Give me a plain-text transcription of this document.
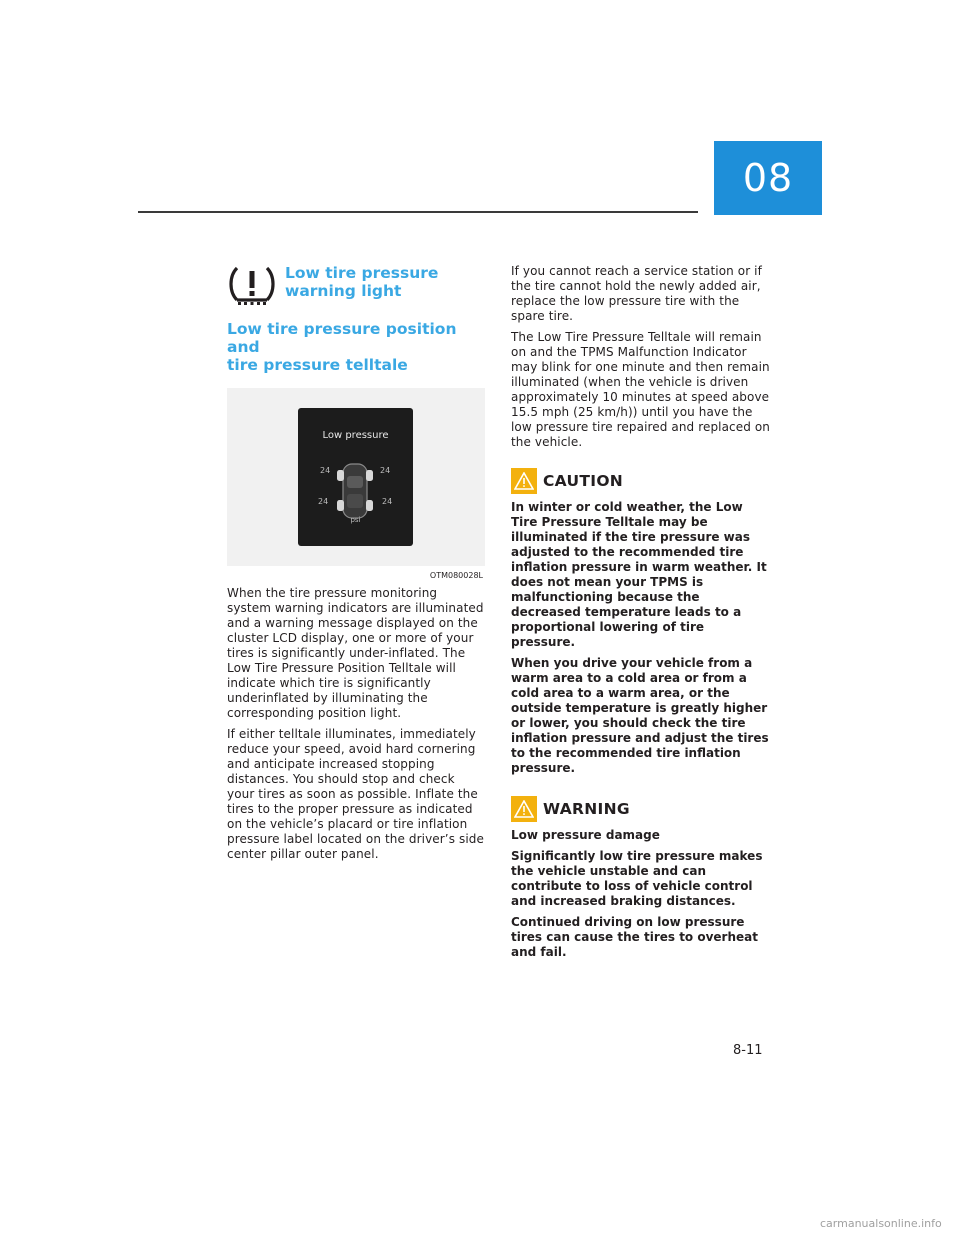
08
Low tire pressure
warning light
Low tire pressure position and
tire pressure telltale
Low pressure
24	24
24	24
psi
OTM080028L

When the tire pressure monitoring system warning indicators are illuminated and a warning message displayed on the cluster LCD display, one or more of your tires is significantly under-inflated. The Low Tire Pressure Position Telltale will indicate which tire is significantly underinflated by illuminating the corresponding position light.

If either telltale illuminates, immediately reduce your speed, avoid hard cornering and anticipate increased stopping distances. You should stop and check your tires as soon as possible. Inflate the tires to the proper pressure as indicated on the vehicle’s placard or tire inflation pressure label located on the driver’s side center pillar outer panel.

If you cannot reach a service station or if the tire cannot hold the newly added air, replace the low pressure tire with the spare tire.

The Low Tire Pressure Telltale will remain on and the TPMS Malfunction Indicator may blink for one minute and then remain illuminated (when the vehicle is driven approximately 10 minutes at speed above 15.5 mph (25 km/h)) until you have the low pressure tire repaired and replaced on the vehicle.

CAUTION

In winter or cold weather, the Low Tire Pressure Telltale may be illuminated if the tire pressure was adjusted to the recommended tire inflation pressure in warm weather. It does not mean your TPMS is malfunctioning because the decreased temperature leads to a proportional lowering of tire pressure.

When you drive your vehicle from a warm area to a cold area or from a cold area to a warm area, or the outside temperature is greatly higher or lower, you should check the tire inflation pressure and adjust the tires to the recommended tire inflation pressure.

WARNING

Low pressure damage

Significantly low tire pressure makes the vehicle unstable and can contribute to loss of vehicle control and increased braking distances.

Continued driving on low pressure tires can cause the tires to overheat and fail.

8-11
carmanualsonline.info
